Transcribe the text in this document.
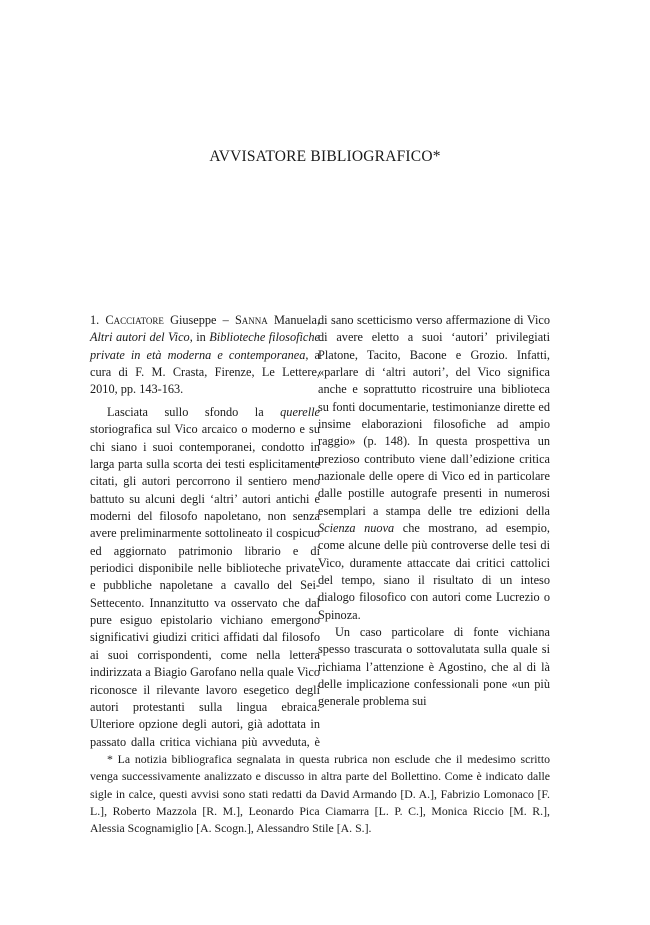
AVVISATORE BIBLIOGRAFICO*

1. Cacciatore Giuseppe – Sanna Manuela, Altri autori del Vico, in Biblioteche filosofiche private in età moderna e contemporanea, a cura di F. M. Crasta, Firenze, Le Lettere, 2010, pp. 143-163.

Lasciata sullo sfondo la querelle storiografica sul Vico arcaico o moderno e su chi siano i suoi contemporanei, condotto in larga parta sulla scorta dei testi esplicitamente citati, gli autori percorrono il sentiero meno battuto su alcuni degli ‘altri’ autori antichi e moderni del filosofo napoletano, non senza avere preliminarmente sottolineato il cospicuo ed aggiornato patrimonio librario e di periodici disponibile nelle biblioteche private e pubbliche napoletane a cavallo del Sei-Settecento. Innanzitutto va osservato che dal pure esiguo epistolario vichiano emergono significativi giudizi critici affidati dal filosofo ai suoi corrispondenti, come nella lettera indirizzata a Biagio Garofano nella quale Vico riconosce il rilevante lavoro esegetico degli autori protestanti sulla lingua ebraica. Ulteriore opzione degli autori, già adottata in passato dalla critica vichiana più avveduta, è

di sano scetticismo verso affermazione di Vico di avere eletto a suoi ‘autori’ privilegiati Platone, Tacito, Bacone e Grozio. Infatti, «parlare di ‘altri autori’, del Vico significa anche e soprattutto ricostruire una biblioteca su fonti documentarie, testimonianze dirette ed insime elaborazioni filosofiche ad ampio raggio» (p. 148). In questa prospettiva un prezioso contributo viene dall’edizione critica nazionale delle opere di Vico ed in particolare dalle postille autografe presenti in numerosi esemplari a stampa delle tre edizioni della Scienza nuova che mostrano, ad esempio, come alcune delle più controverse delle tesi di Vico, duramente attaccate dai critici cattolici del tempo, siano il risultato di un inteso dialogo filosofico con autori come Lucrezio o Spinoza.

Un caso particolare di fonte vichiana spesso trascurata o sottovalutata sulla quale si richiama l’attenzione è Agostino, che al di là delle implicazione confessionali pone «un più generale problema sui

* La notizia bibliografica segnalata in questa rubrica non esclude che il medesimo scritto venga successivamente analizzato e discusso in altra parte del Bollettino. Come è indicato dalle sigle in calce, questi avvisi sono stati redatti da David Armando [D. A.], Fabrizio Lomonaco [F. L.], Roberto Mazzola [R. M.], Leonardo Pica Ciamarra [L. P. C.], Monica Riccio [M. R.], Alessia Scognamiglio [A. Scogn.], Alessandro Stile [A. S.].
